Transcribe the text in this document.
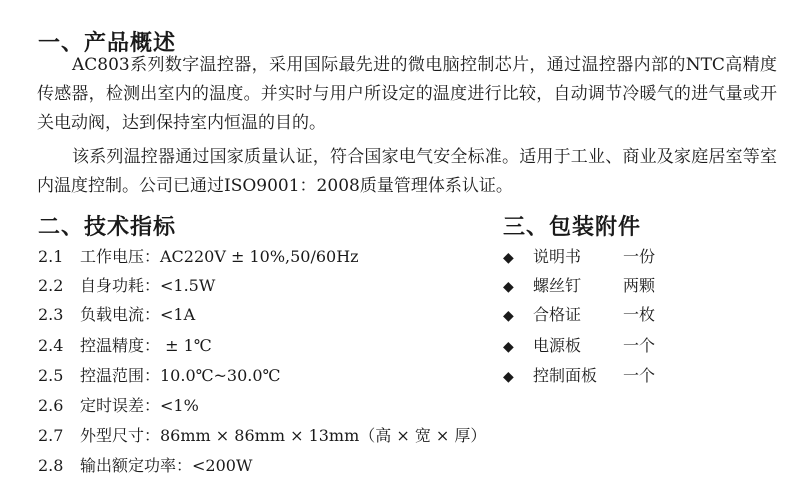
一、产品概述

AC803系列数字温控器，采用国际最先进的微电脑控制芯片，通过温控器内部的NTC高精度传感器，检测出室内的温度。并实时与用户所设定的温度进行比较，自动调节冷暖气的进气量或开关电动阀，达到保持室内恒温的目的。

该系列温控器通过国家质量认证，符合国家电气安全标准。适用于工业、商业及家庭居室等室内温度控制。公司已通过ISO9001：2008质量管理体系认证。

二、技术指标
2.1 工作电压：AC220V ± 10%,50/60Hz
2.2 自身功耗：<1.5W
2.3 负载电流：<1A
2.4 控温精度： ± 1℃
2.5 控温范围：10.0℃~30.0℃
2.6 定时误差：<1%
2.7 外型尺寸：86mm × 86mm × 13mm（高 × 宽 × 厚）
2.8 输出额定功率：<200W
三、包装附件
◆ 说明书	一份
◆ 螺丝钉	两颗
◆ 合格证	一枚
◆ 电源板	一个
◆ 控制面板 一个
